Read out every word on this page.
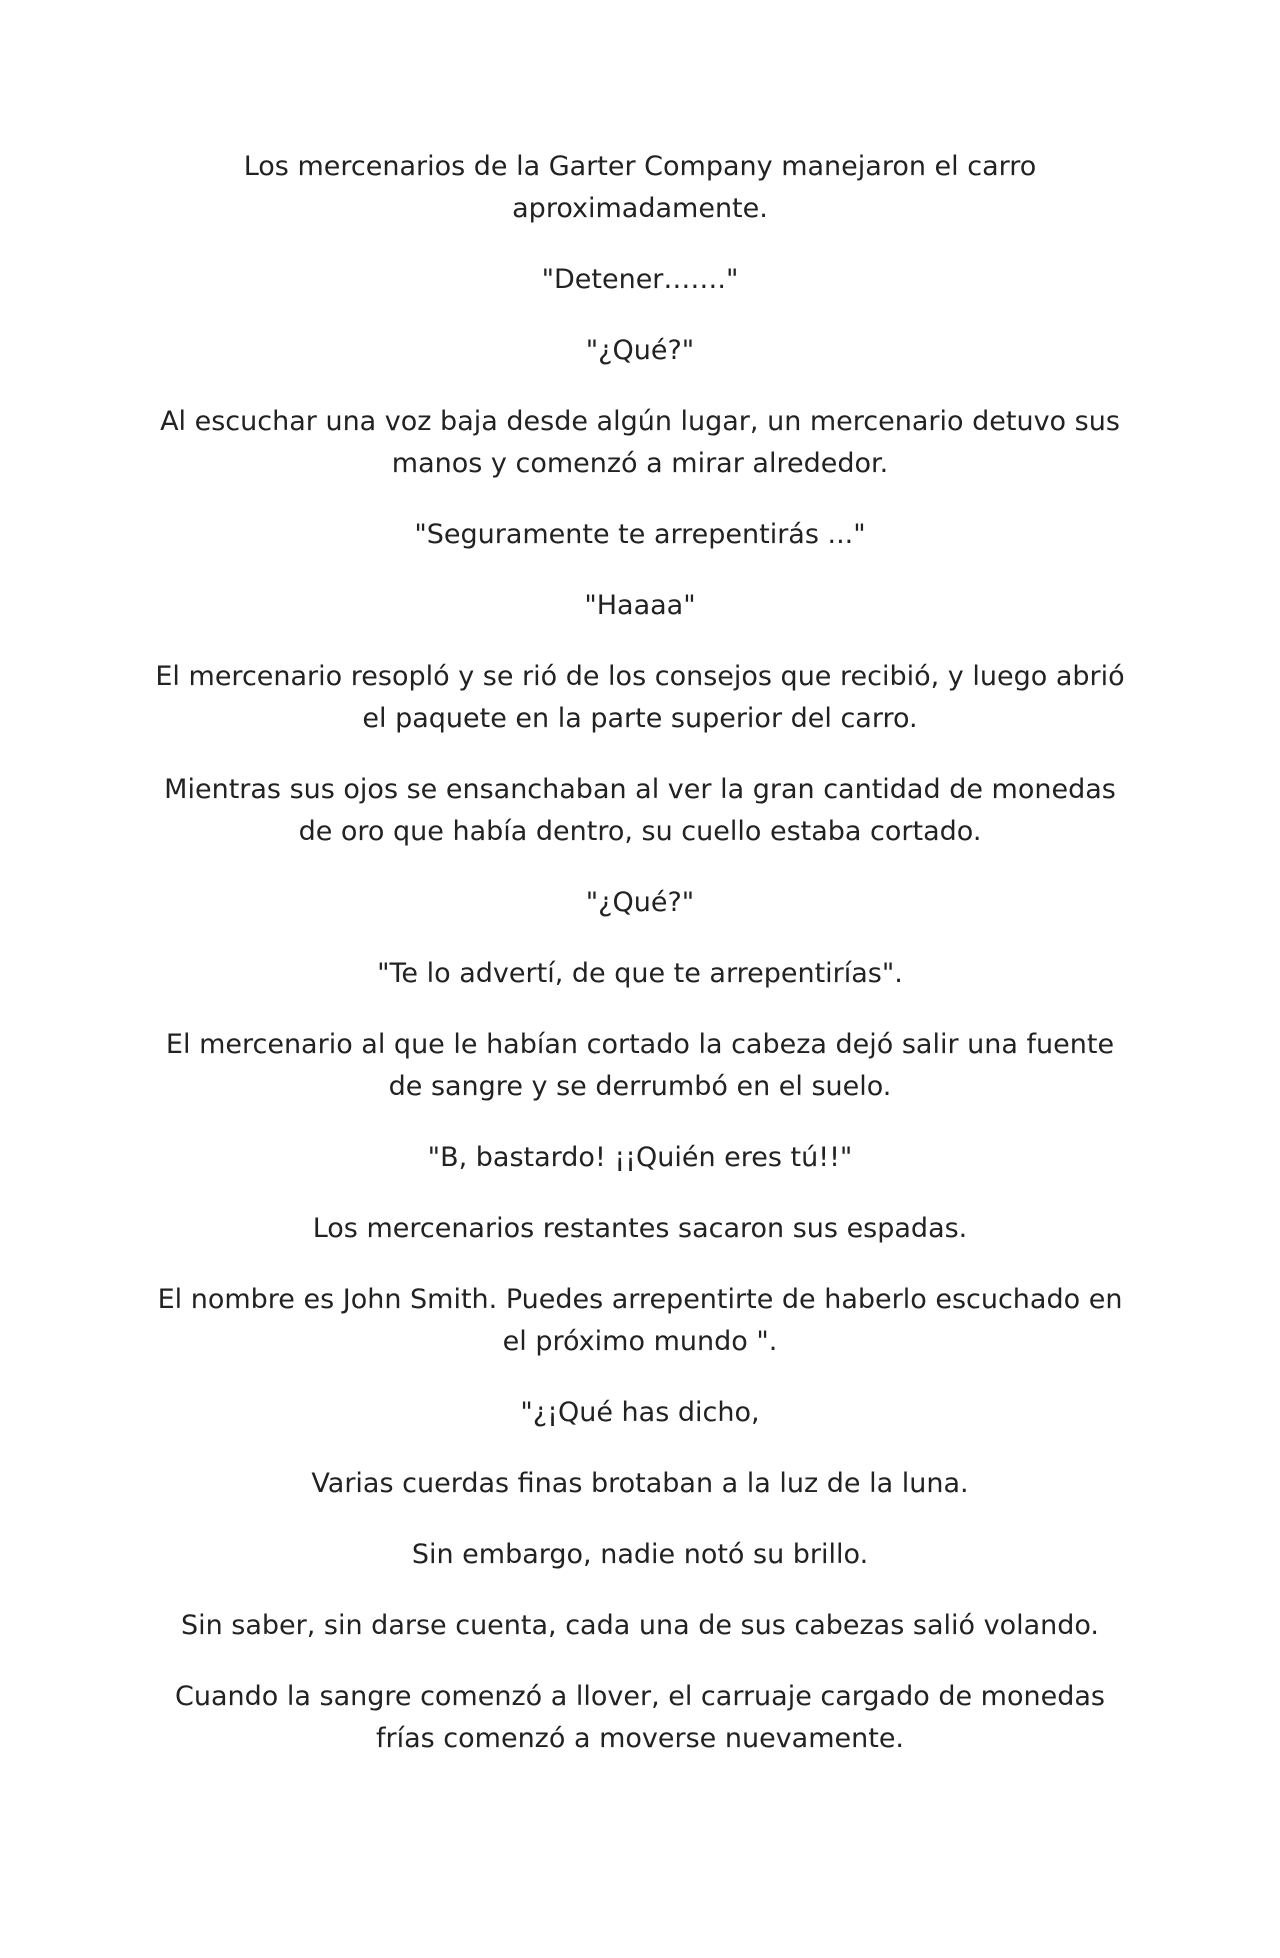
Los mercenarios de la Garter Company manejaron el carro aproximadamente.

"Detener……."

"¿Qué?"

Al escuchar una voz baja desde algún lugar, un mercenario detuvo sus manos y comenzó a mirar alrededor.

"Seguramente te arrepentirás ..."

"Haaaa"

El mercenario resopló y se rió de los consejos que recibió, y luego abrió el paquete en la parte superior del carro.

Mientras sus ojos se ensanchaban al ver la gran cantidad de monedas de oro que había dentro, su cuello estaba cortado.

"¿Qué?"

"Te lo advertí, de que te arrepentirías".

El mercenario al que le habían cortado la cabeza dejó salir una fuente de sangre y se derrumbó en el suelo.

"B, bastardo! ¡¡Quién eres tú!!"

Los mercenarios restantes sacaron sus espadas.

El nombre es John Smith. Puedes arrepentirte de haberlo escuchado en el próximo mundo ".

"¿¡Qué has dicho,

Varias cuerdas finas brotaban a la luz de la luna.

Sin embargo, nadie notó su brillo.

Sin saber, sin darse cuenta, cada una de sus cabezas salió volando.

Cuando la sangre comenzó a llover, el carruaje cargado de monedas frías comenzó a moverse nuevamente.
